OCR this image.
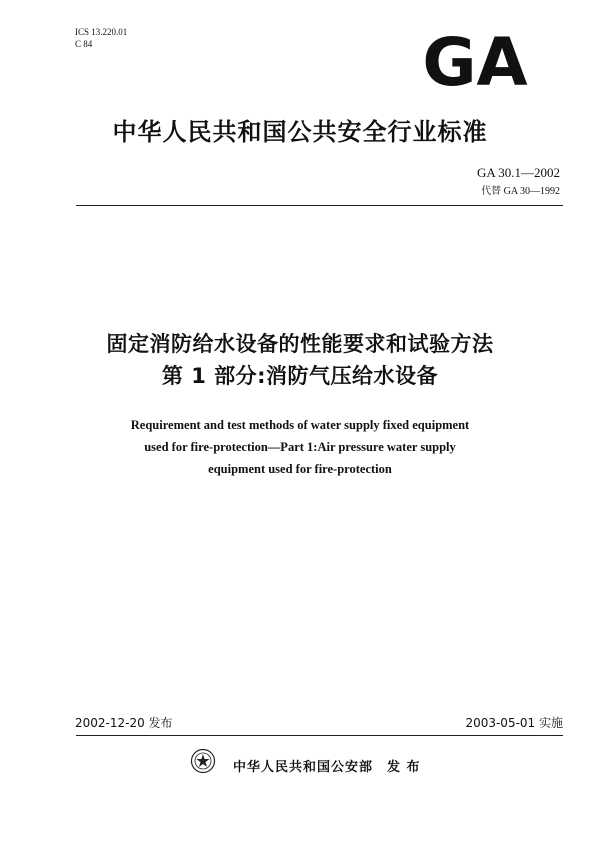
ICS 13.220.01
C 84	GA
中华人民共和国公共安全行业标准
GA 30.1—2002
代替 GA 30—1992
固定消防给水设备的性能要求和试验方法
第 1 部分:消防气压给水设备
Requirement and test methods of water supply fixed equipment
used for fire-protection—Part 1:Air pressure water supply
equipment used for fire-protection
2002-12-20 发布	2003-05-01 实施
中华人民共和国公安部 发 布
